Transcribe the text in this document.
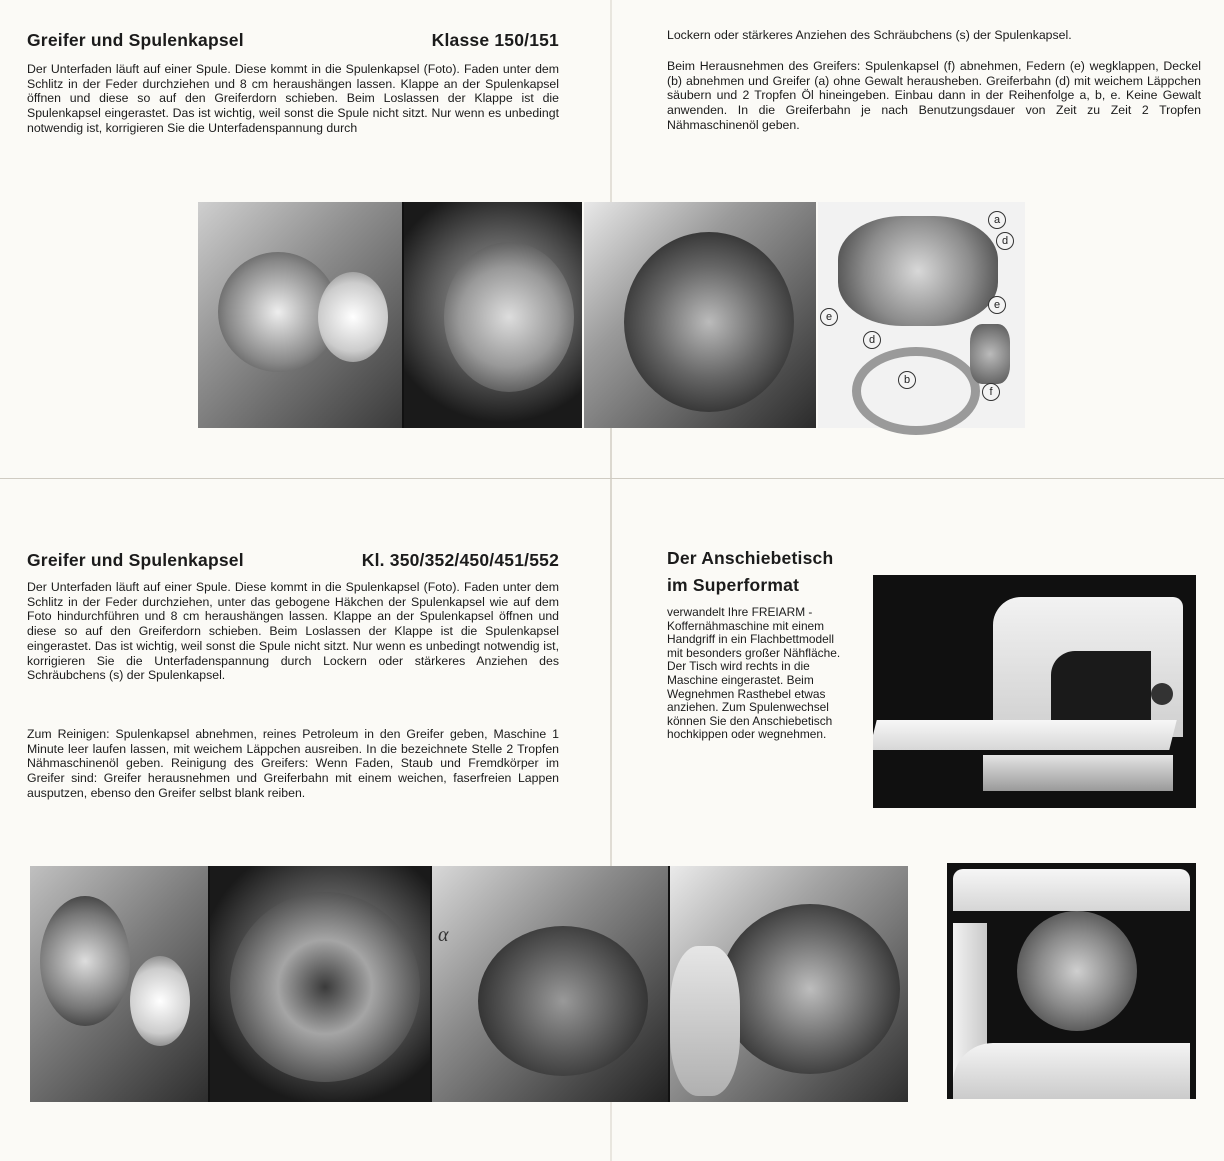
Greifer und Spulenkapsel	Klasse 150/151

Der Unterfaden läuft auf einer Spule. Diese kommt in die Spulenkapsel (Foto). Faden unter dem Schlitz in der Feder durchziehen und 8 cm heraushängen lassen. Klappe an der Spulenkapsel öffnen und diese so auf den Greiferdorn schieben. Beim Loslassen der Klappe ist die Spulenkapsel eingerastet. Das ist wichtig, weil sonst die Spule nicht sitzt. Nur wenn es unbedingt notwendig ist, korrigieren Sie die Unterfadenspannung durch

Lockern oder stärkeres Anziehen des Schräubchens (s) der Spulenkapsel.

Beim Herausnehmen des Greifers: Spulenkapsel (f) abnehmen, Federn (e) wegklappen, Deckel (b) abnehmen und Greifer (a) ohne Gewalt herausheben. Greiferbahn (d) mit weichem Läppchen säubern und 2 Tropfen Öl hineingeben. Einbau dann in der Reihenfolge a, b, e. Keine Gewalt anwenden. In die Greiferbahn je nach Benutzungsdauer von Zeit zu Zeit 2 Tropfen Nähmaschinenöl geben.

a
d
e
e
d
b
f
Greifer und Spulenkapsel	Kl. 350/352/450/451/552

Der Unterfaden läuft auf einer Spule. Diese kommt in die Spulenkapsel (Foto). Faden unter dem Schlitz in der Feder durchziehen, unter das gebogene Häkchen der Spulenkapsel wie auf dem Foto hindurchführen und 8 cm heraushängen lassen. Klappe an der Spulenkapsel öffnen und diese so auf den Greiferdorn schieben. Beim Loslassen der Klappe ist die Spulenkapsel eingerastet. Das ist wichtig, weil sonst die Spule nicht sitzt. Nur wenn es unbedingt notwendig ist, korrigieren Sie die Unterfadenspannung durch Lockern oder stärkeres Anziehen des Schräubchens (s) der Spulenkapsel.

Zum Reinigen: Spulenkapsel abnehmen, reines Petroleum in den Greifer geben, Maschine 1 Minute leer laufen lassen, mit weichem Läppchen ausreiben. In die bezeichnete Stelle 2 Tropfen Nähmaschinenöl geben. Reinigung des Greifers: Wenn Faden, Staub und Fremdkörper im Greifer sind: Greifer herausnehmen und Greiferbahn mit einem weichen, faserfreien Lappen ausputzen, ebenso den Greifer selbst blank reiben.

Der Anschiebetisch
im Superformat

verwandelt Ihre FREIARM - Koffernähmaschine mit einem Handgriff in ein Flachbettmodell mit besonders großer Nähfläche. Der Tisch wird rechts in die Maschine eingerastet. Beim Wegnehmen Rasthebel etwas anziehen. Zum Spulenwechsel können Sie den Anschiebetisch hochkippen oder wegnehmen.

α
